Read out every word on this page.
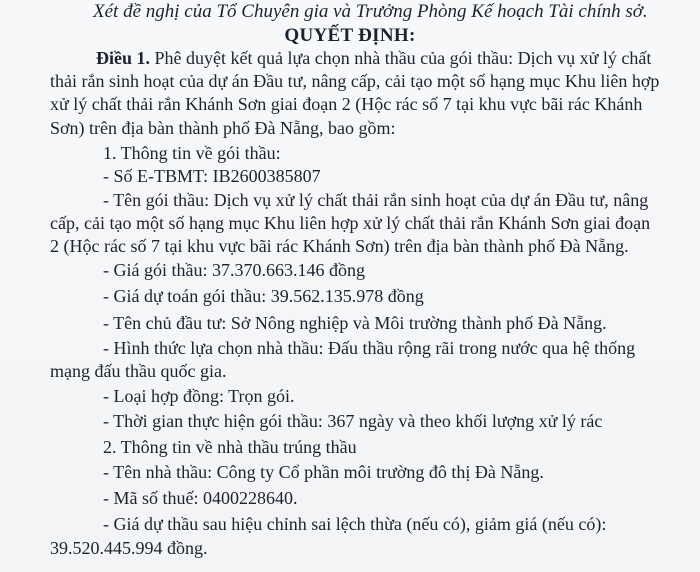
Xét đề nghị của Tổ Chuyên gia và Trưởng Phòng Kế hoạch Tài chính sở.
QUYẾT ĐỊNH:
Điều 1. Phê duyệt kết quả lựa chọn nhà thầu của gói thầu: Dịch vụ xử lý chất
thải rắn sinh hoạt của dự án Đầu tư, nâng cấp, cải tạo một số hạng mục Khu liên hợp
xử lý chất thải rắn Khánh Sơn giai đoạn 2 (Hộc rác số 7 tại khu vực bãi rác Khánh
Sơn) trên địa bàn thành phố Đà Nẵng, bao gồm:
1. Thông tin về gói thầu:
- Số E-TBMT: IB2600385807
- Tên gói thầu: Dịch vụ xử lý chất thải rắn sinh hoạt của dự án Đầu tư, nâng
cấp, cải tạo một số hạng mục Khu liên hợp xử lý chất thải rắn Khánh Sơn giai đoạn
2 (Hộc rác số 7 tại khu vực bãi rác Khánh Sơn) trên địa bàn thành phố Đà Nẵng.
- Giá gói thầu: 37.370.663.146 đồng
- Giá dự toán gói thầu: 39.562.135.978 đồng
- Tên chủ đầu tư: Sở Nông nghiệp và Môi trường thành phố Đà Nẵng.
- Hình thức lựa chọn nhà thầu: Đấu thầu rộng rãi trong nước qua hệ thống
mạng đấu thầu quốc gia.
- Loại hợp đồng: Trọn gói.
- Thời gian thực hiện gói thầu: 367 ngày và theo khối lượng xử lý rác
2. Thông tin về nhà thầu trúng thầu
- Tên nhà thầu: Công ty Cổ phần môi trường đô thị Đà Nẵng.
- Mã số thuế: 0400228640.
- Giá dự thầu sau hiệu chỉnh sai lệch thừa (nếu có), giảm giá (nếu có):
39.520.445.994 đồng.
